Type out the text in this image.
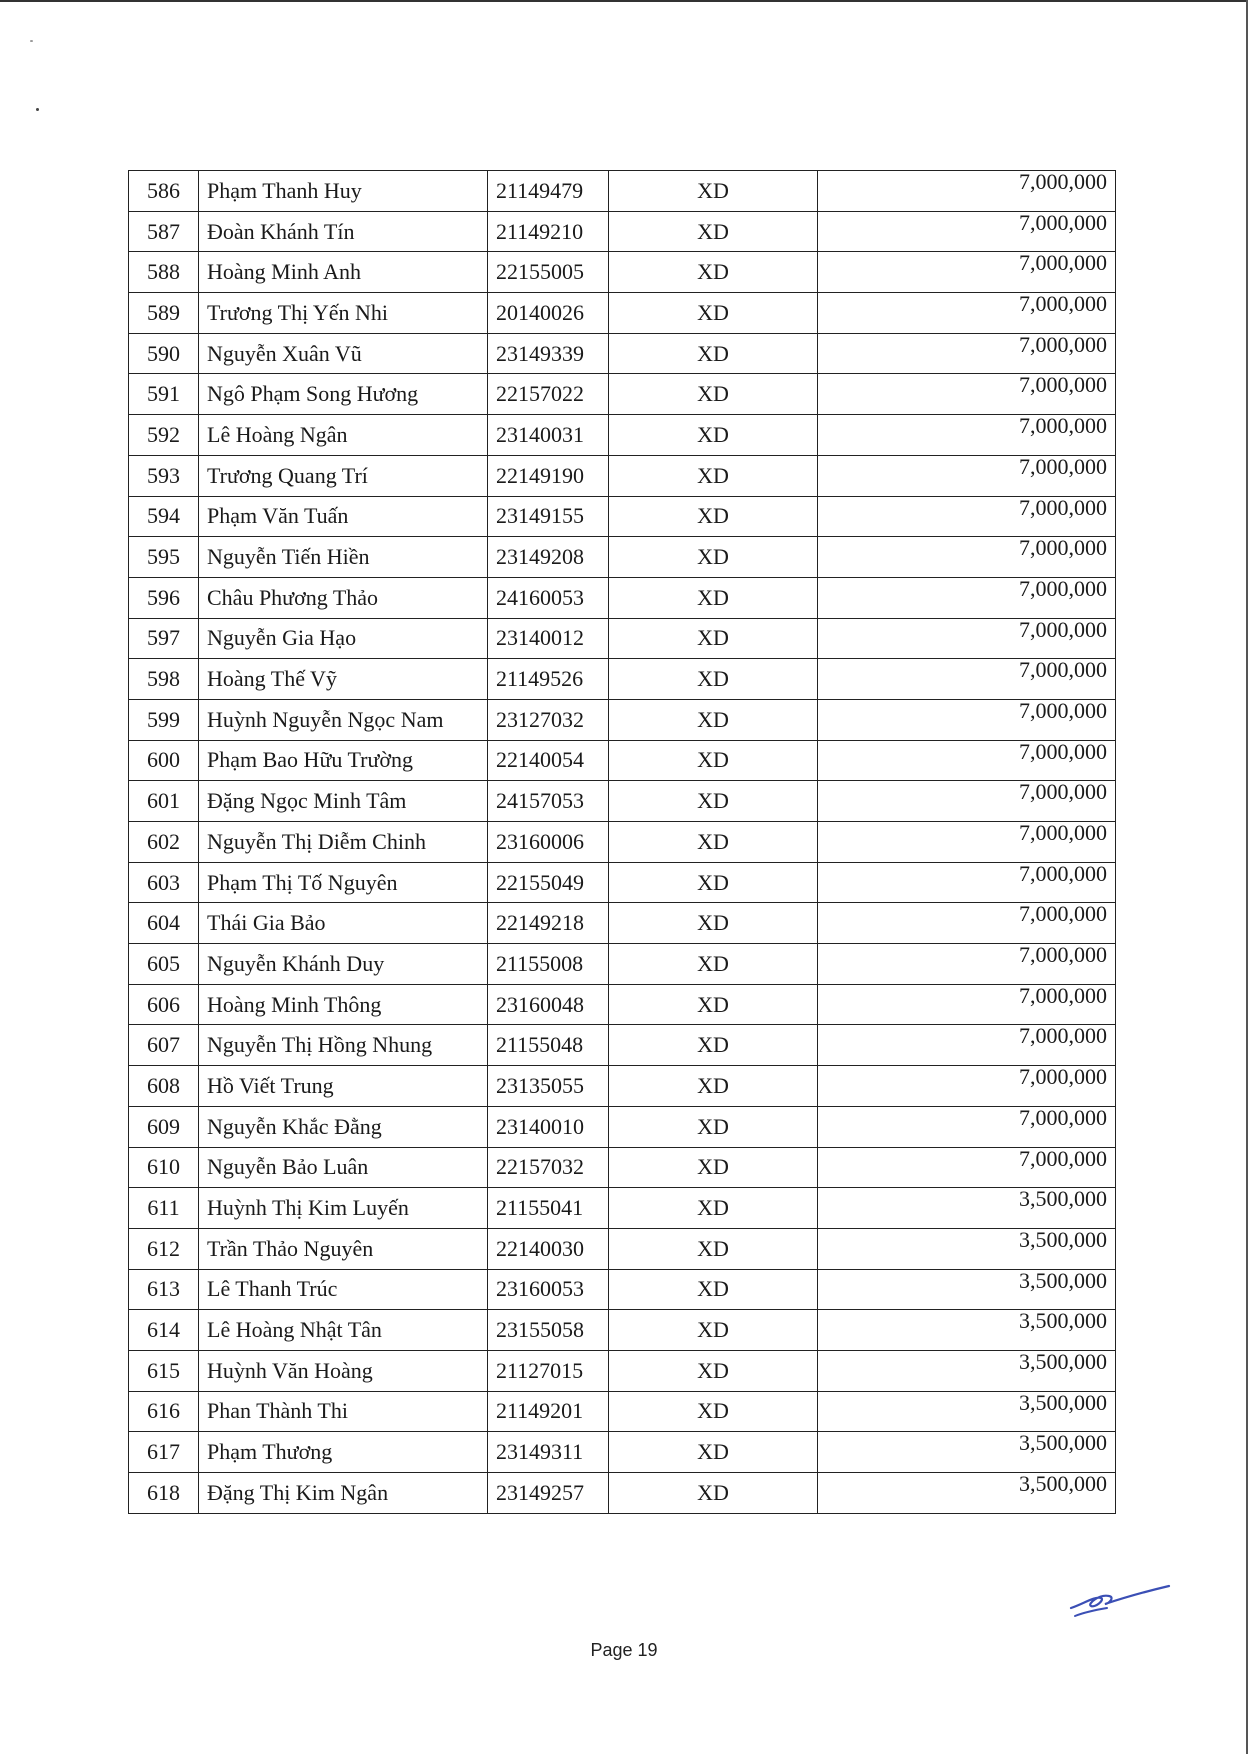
586	Phạm Thanh Huy	21149479	XD	7,000,000
587	Đoàn Khánh Tín	21149210	XD	7,000,000
588	Hoàng Minh Anh	22155005	XD	7,000,000
589	Trương Thị Yến Nhi	20140026	XD	7,000,000
590	Nguyễn Xuân Vũ	23149339	XD	7,000,000
591	Ngô Phạm Song Hương	22157022	XD	7,000,000
592	Lê Hoàng Ngân	23140031	XD	7,000,000
593	Trương Quang Trí	22149190	XD	7,000,000
594	Phạm Văn Tuấn	23149155	XD	7,000,000
595	Nguyễn Tiến Hiền	23149208	XD	7,000,000
596	Châu Phương Thảo	24160053	XD	7,000,000
597	Nguyễn Gia Hạo	23140012	XD	7,000,000
598	Hoàng Thế Vỹ	21149526	XD	7,000,000
599	Huỳnh Nguyễn Ngọc Nam	23127032	XD	7,000,000
600	Phạm Bao Hữu Trường	22140054	XD	7,000,000
601	Đặng Ngọc Minh Tâm	24157053	XD	7,000,000
602	Nguyễn Thị Diễm Chinh	23160006	XD	7,000,000
603	Phạm Thị Tố Nguyên	22155049	XD	7,000,000
604	Thái Gia Bảo	22149218	XD	7,000,000
605	Nguyễn Khánh Duy	21155008	XD	7,000,000
606	Hoàng Minh Thông	23160048	XD	7,000,000
607	Nguyễn Thị Hồng Nhung	21155048	XD	7,000,000
608	Hồ Viết Trung	23135055	XD	7,000,000
609	Nguyễn Khắc Đằng	23140010	XD	7,000,000
610	Nguyễn Bảo Luân	22157032	XD	7,000,000
611	Huỳnh Thị Kim Luyến	21155041	XD	3,500,000
612	Trần Thảo Nguyên	22140030	XD	3,500,000
613	Lê Thanh Trúc	23160053	XD	3,500,000
614	Lê Hoàng Nhật Tân	23155058	XD	3,500,000
615	Huỳnh Văn Hoàng	21127015	XD	3,500,000
616	Phan Thành Thi	21149201	XD	3,500,000
617	Phạm Thương	23149311	XD	3,500,000
618	Đặng Thị Kim Ngân	23149257	XD	3,500,000
Page 19
